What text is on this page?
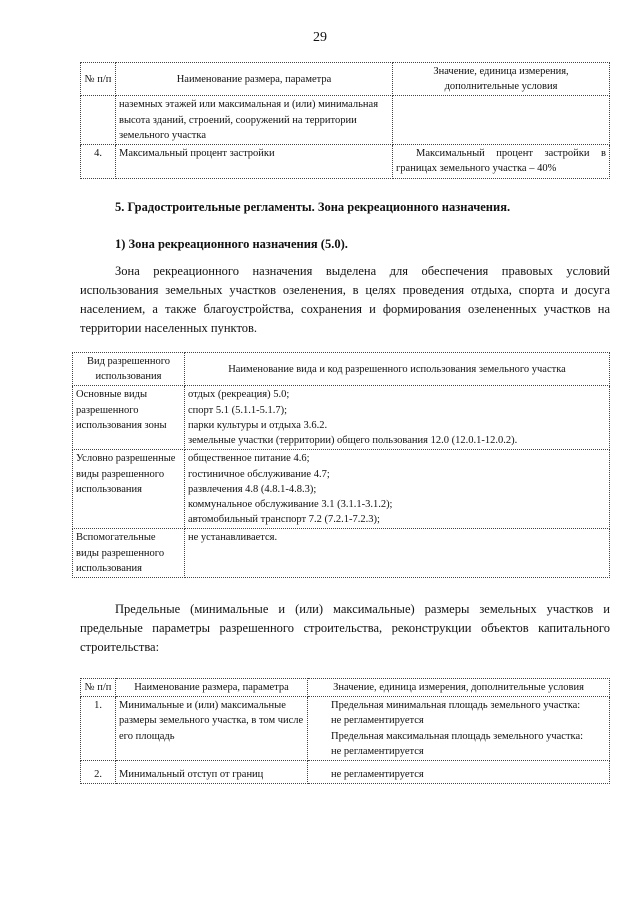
29
№ п/п	Наименование размера, параметра	Значение, единица измерения, дополнительные условия
	наземных этажей или максимальная и (или) минимальная высота зданий, строений, сооружений на территории земельного участка	
4.	Максимальный процент застройки	Максимальный процент застройки в границах земельного участка – 40%
5. Градостроительные регламенты. Зона рекреационного назначения.
1) Зона рекреационного назначения (5.0).

Зона рекреационного назначения выделена для обеспечения правовых условий использования земельных участков озеленения, в целях проведения отдыха, спорта и досуга населением, а также благоустройства, сохранения и формирования озелененных участков на территории населенных пунктов.

Вид разрешенного использования	Наименование вида и код разрешенного использования земельного участка
Основные виды разрешенного использования зоны	отдых (рекреация) 5.0;
спорт 5.1 (5.1.1-5.1.7);
парки культуры и отдыха 3.6.2.
земельные участки (территории) общего пользования 12.0 (12.0.1-12.0.2).

Условно разрешенные виды разрешенного использования	общественное питание 4.6;
гостиничное обслуживание 4.7;
развлечения 4.8 (4.8.1-4.8.3);
коммунальное обслуживание 3.1 (3.1.1-3.1.2);
автомобильный транспорт 7.2 (7.2.1-7.2.3);

Вспомогательные виды разрешенного использования	не устанавливается.

Предельные (минимальные и (или) максимальные) размеры земельных участков и предельные параметры разрешенного строительства, реконструкции объектов капитального строительства:

№ п/п	Наименование размера, параметра	Значение, единица измерения, дополнительные условия
1.	Минимальные и (или) максимальные размеры земельного участка, в том числе его площадь	Предельная минимальная площадь земельного участка:
не регламентируется
Предельная максимальная площадь земельного участка:
не регламентируется

2.	Минимальный отступ от границ	не регламентируется
